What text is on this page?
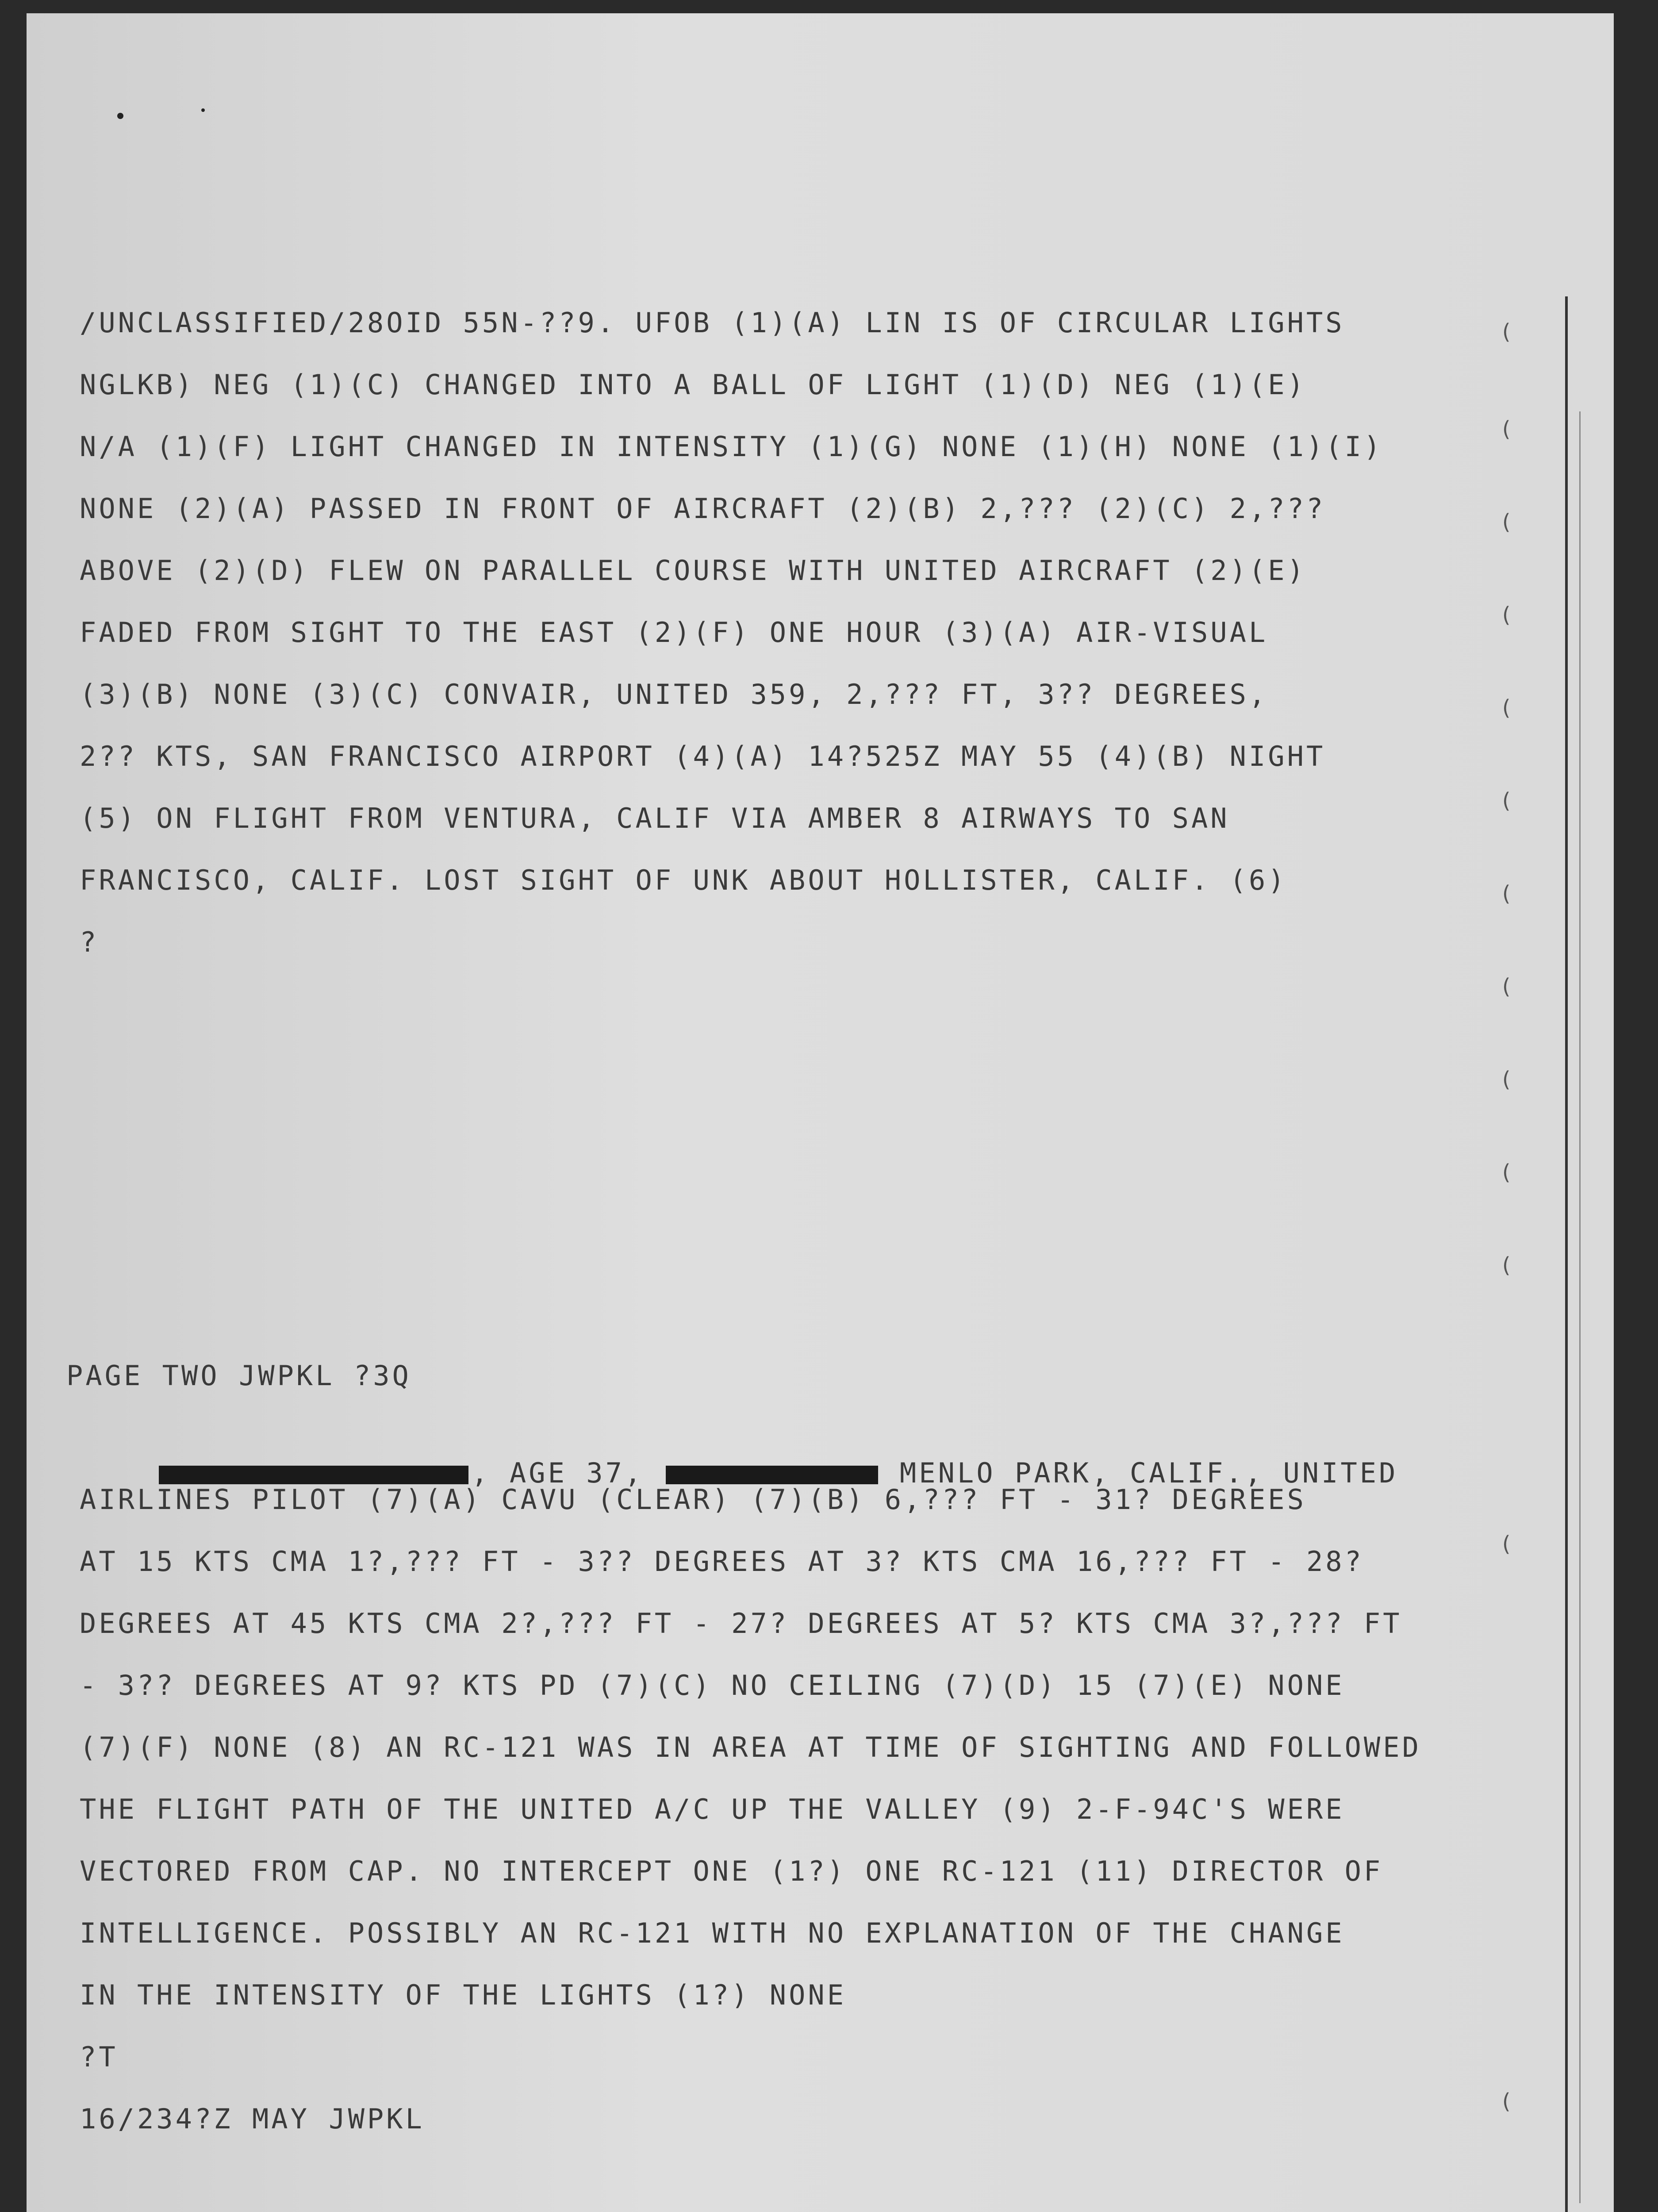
(
(
(
(
(
(
(
(
(
(
(
(
(
/UNCLASSIFIED/28OID 55N-??9. UFOB (1)(A) LIN IS OF CIRCULAR LIGHTS
NGLKB) NEG (1)(C) CHANGED INTO A BALL OF LIGHT (1)(D) NEG (1)(E)
N/A (1)(F) LIGHT CHANGED IN INTENSITY (1)(G) NONE (1)(H) NONE (1)(I)
NONE (2)(A) PASSED IN FRONT OF AIRCRAFT (2)(B) 2,??? (2)(C) 2,???
ABOVE (2)(D) FLEW ON PARALLEL COURSE WITH UNITED AIRCRAFT (2)(E)
FADED FROM SIGHT TO THE EAST (2)(F) ONE HOUR (3)(A) AIR-VISUAL
(3)(B) NONE (3)(C) CONVAIR, UNITED 359, 2,??? FT, 3?? DEGREES,
2?? KTS, SAN FRANCISCO AIRPORT (4)(A) 14?525Z MAY 55 (4)(B) NIGHT
(5) ON FLIGHT FROM VENTURA, CALIF VIA AMBER 8 AIRWAYS TO SAN
FRANCISCO, CALIF. LOST SIGHT OF UNK ABOUT HOLLISTER, CALIF. (6)
?
PAGE TWO JWPKL ?3Q

, AGE 37,	MENLO PARK, CALIF., UNITED

AIRLINES PILOT (7)(A) CAVU (CLEAR) (7)(B) 6,??? FT - 31? DEGREES
AT 15 KTS CMA 1?,??? FT - 3?? DEGREES AT 3? KTS CMA 16,??? FT - 28?
DEGREES AT 45 KTS CMA 2?,??? FT - 27? DEGREES AT 5? KTS CMA 3?,??? FT
- 3?? DEGREES AT 9? KTS PD (7)(C) NO CEILING (7)(D) 15 (7)(E) NONE
(7)(F) NONE (8) AN RC-121 WAS IN AREA AT TIME OF SIGHTING AND FOLLOWED
THE FLIGHT PATH OF THE UNITED A/C UP THE VALLEY (9) 2-F-94C'S WERE
VECTORED FROM CAP. NO INTERCEPT ONE (1?) ONE RC-121 (11) DIRECTOR OF
INTELLIGENCE. POSSIBLY AN RC-121 WITH NO EXPLANATION OF THE CHANGE
IN THE INTENSITY OF THE LIGHTS (1?) NONE
?T
16/234?Z MAY JWPKL
